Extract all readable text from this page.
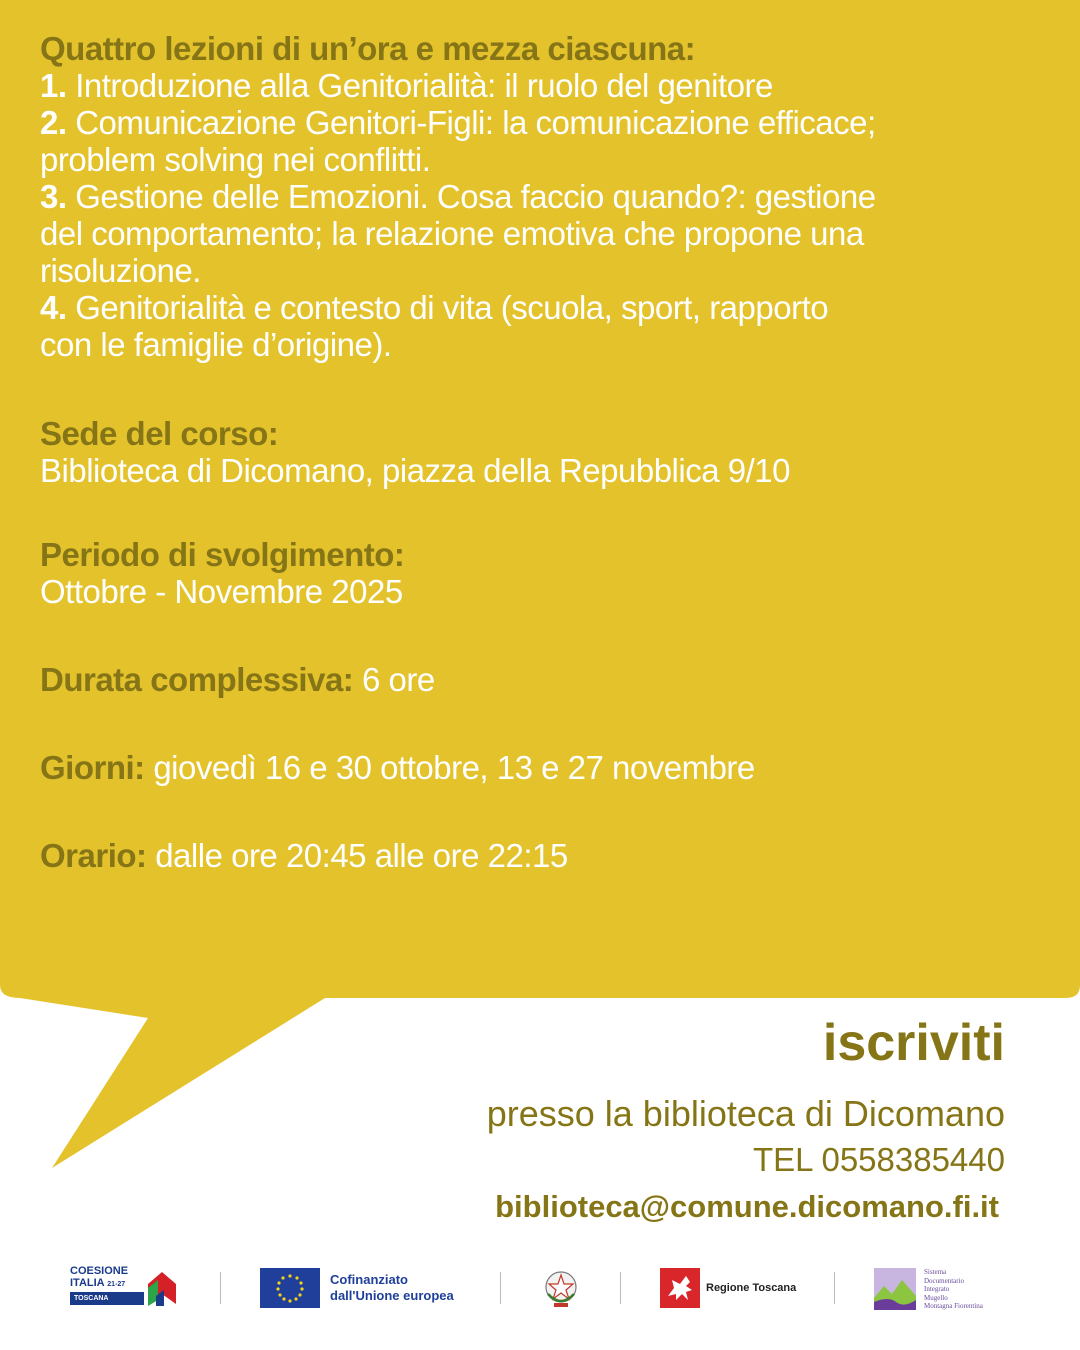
Quattro lezioni di un’ora e mezza ciascuna:

1. Introduzione alla Genitorialità: il ruolo del genitore

2. Comunicazione Genitori-Figli: la comunicazione efficace;

problem solving nei conflitti.

3. Gestione delle Emozioni. Cosa faccio quando?: gestione

del comportamento; la relazione emotiva che propone una

risoluzione.

4. Genitorialità e contesto di vita (scuola, sport, rapporto

con le famiglie d’origine).

Sede del corso:

Biblioteca di Dicomano, piazza della Repubblica 9/10

Periodo di svolgimento:

Ottobre - Novembre 2025

Durata complessiva: 6 ore

Giorni: giovedì 16 e 30 ottobre, 13 e 27 novembre

Orario: dalle ore 20:45 alle ore 22:15

iscriviti
presso la biblioteca di Dicomano
TEL 0558385440
biblioteca@comune.dicomano.fi.it
COESIONE
ITALIA 21-27
TOSCANA
Cofinanziato
dall'Unione europea	Regione Toscana
Sistema
Documentario
Integrato
Mugello
Montagna Fiorentina
